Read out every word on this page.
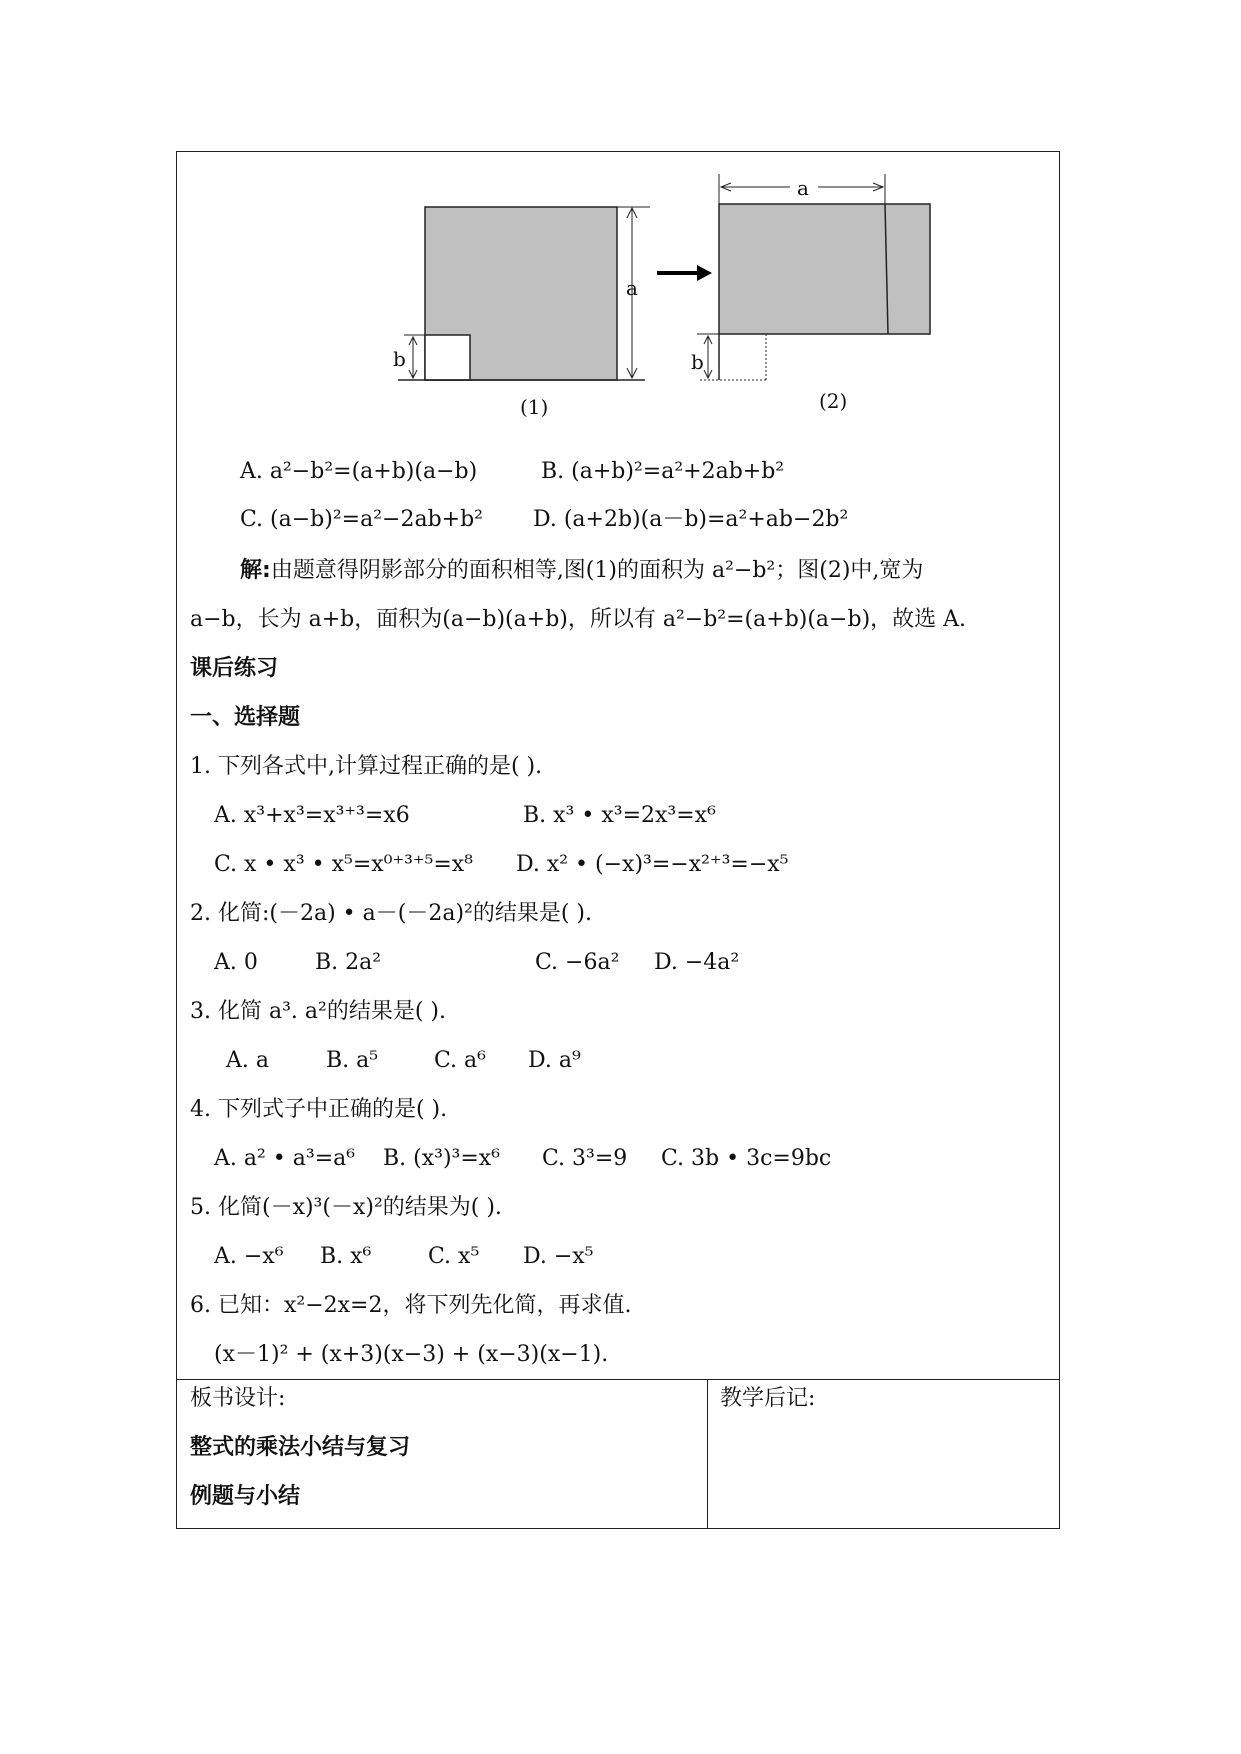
a
b
a
b
(1)	(2)
A. a²−b²=(a+b)(a−b)	B. (a+b)²=a²+2ab+b²
C. (a−b)²=a²−2ab+b² D. (a+2b)(a－b)=a²+ab−2b²
解:由题意得阴影部分的面积相等,图(1)的面积为 a²−b²；图(2)中,宽为
a−b，长为 a+b，面积为(a−b)(a+b)，所以有 a²−b²=(a+b)(a−b)，故选 A.
课后练习
一、选择题
1. 下列各式中,计算过程正确的是( ).
A. x³+x³=x³⁺³=x6	B. x³ • x³=2x³=x⁶
C. x • x³ • x⁵=x⁰⁺³⁺⁵=x⁸ D. x² • (−x)³=−x²⁺³=−x⁵
2. 化简:(－2a) • a－(－2a)²的结果是( ).
A. 0	B. 2a²	C. −6a² D. −4a²
3. 化简 a³. a²的结果是( ).
A. a	B. a⁵	C. a⁶ D. a⁹
4. 下列式子中正确的是( ).
A. a² • a³=a⁶ B. (x³)³=x⁶ C. 3³=9 C. 3b • 3c=9bc
5. 化简(－x)³(－x)²的结果为( ).
A. −x⁶ B. x⁶	C. x⁵ D. −x⁵
6. 已知：x²−2x=2，将下列先化简，再求值.
(x－1)² + (x+3)(x−3) + (x−3)(x−1).
板书设计:
整式的乘法小结与复习
例题与小结
教学后记:
